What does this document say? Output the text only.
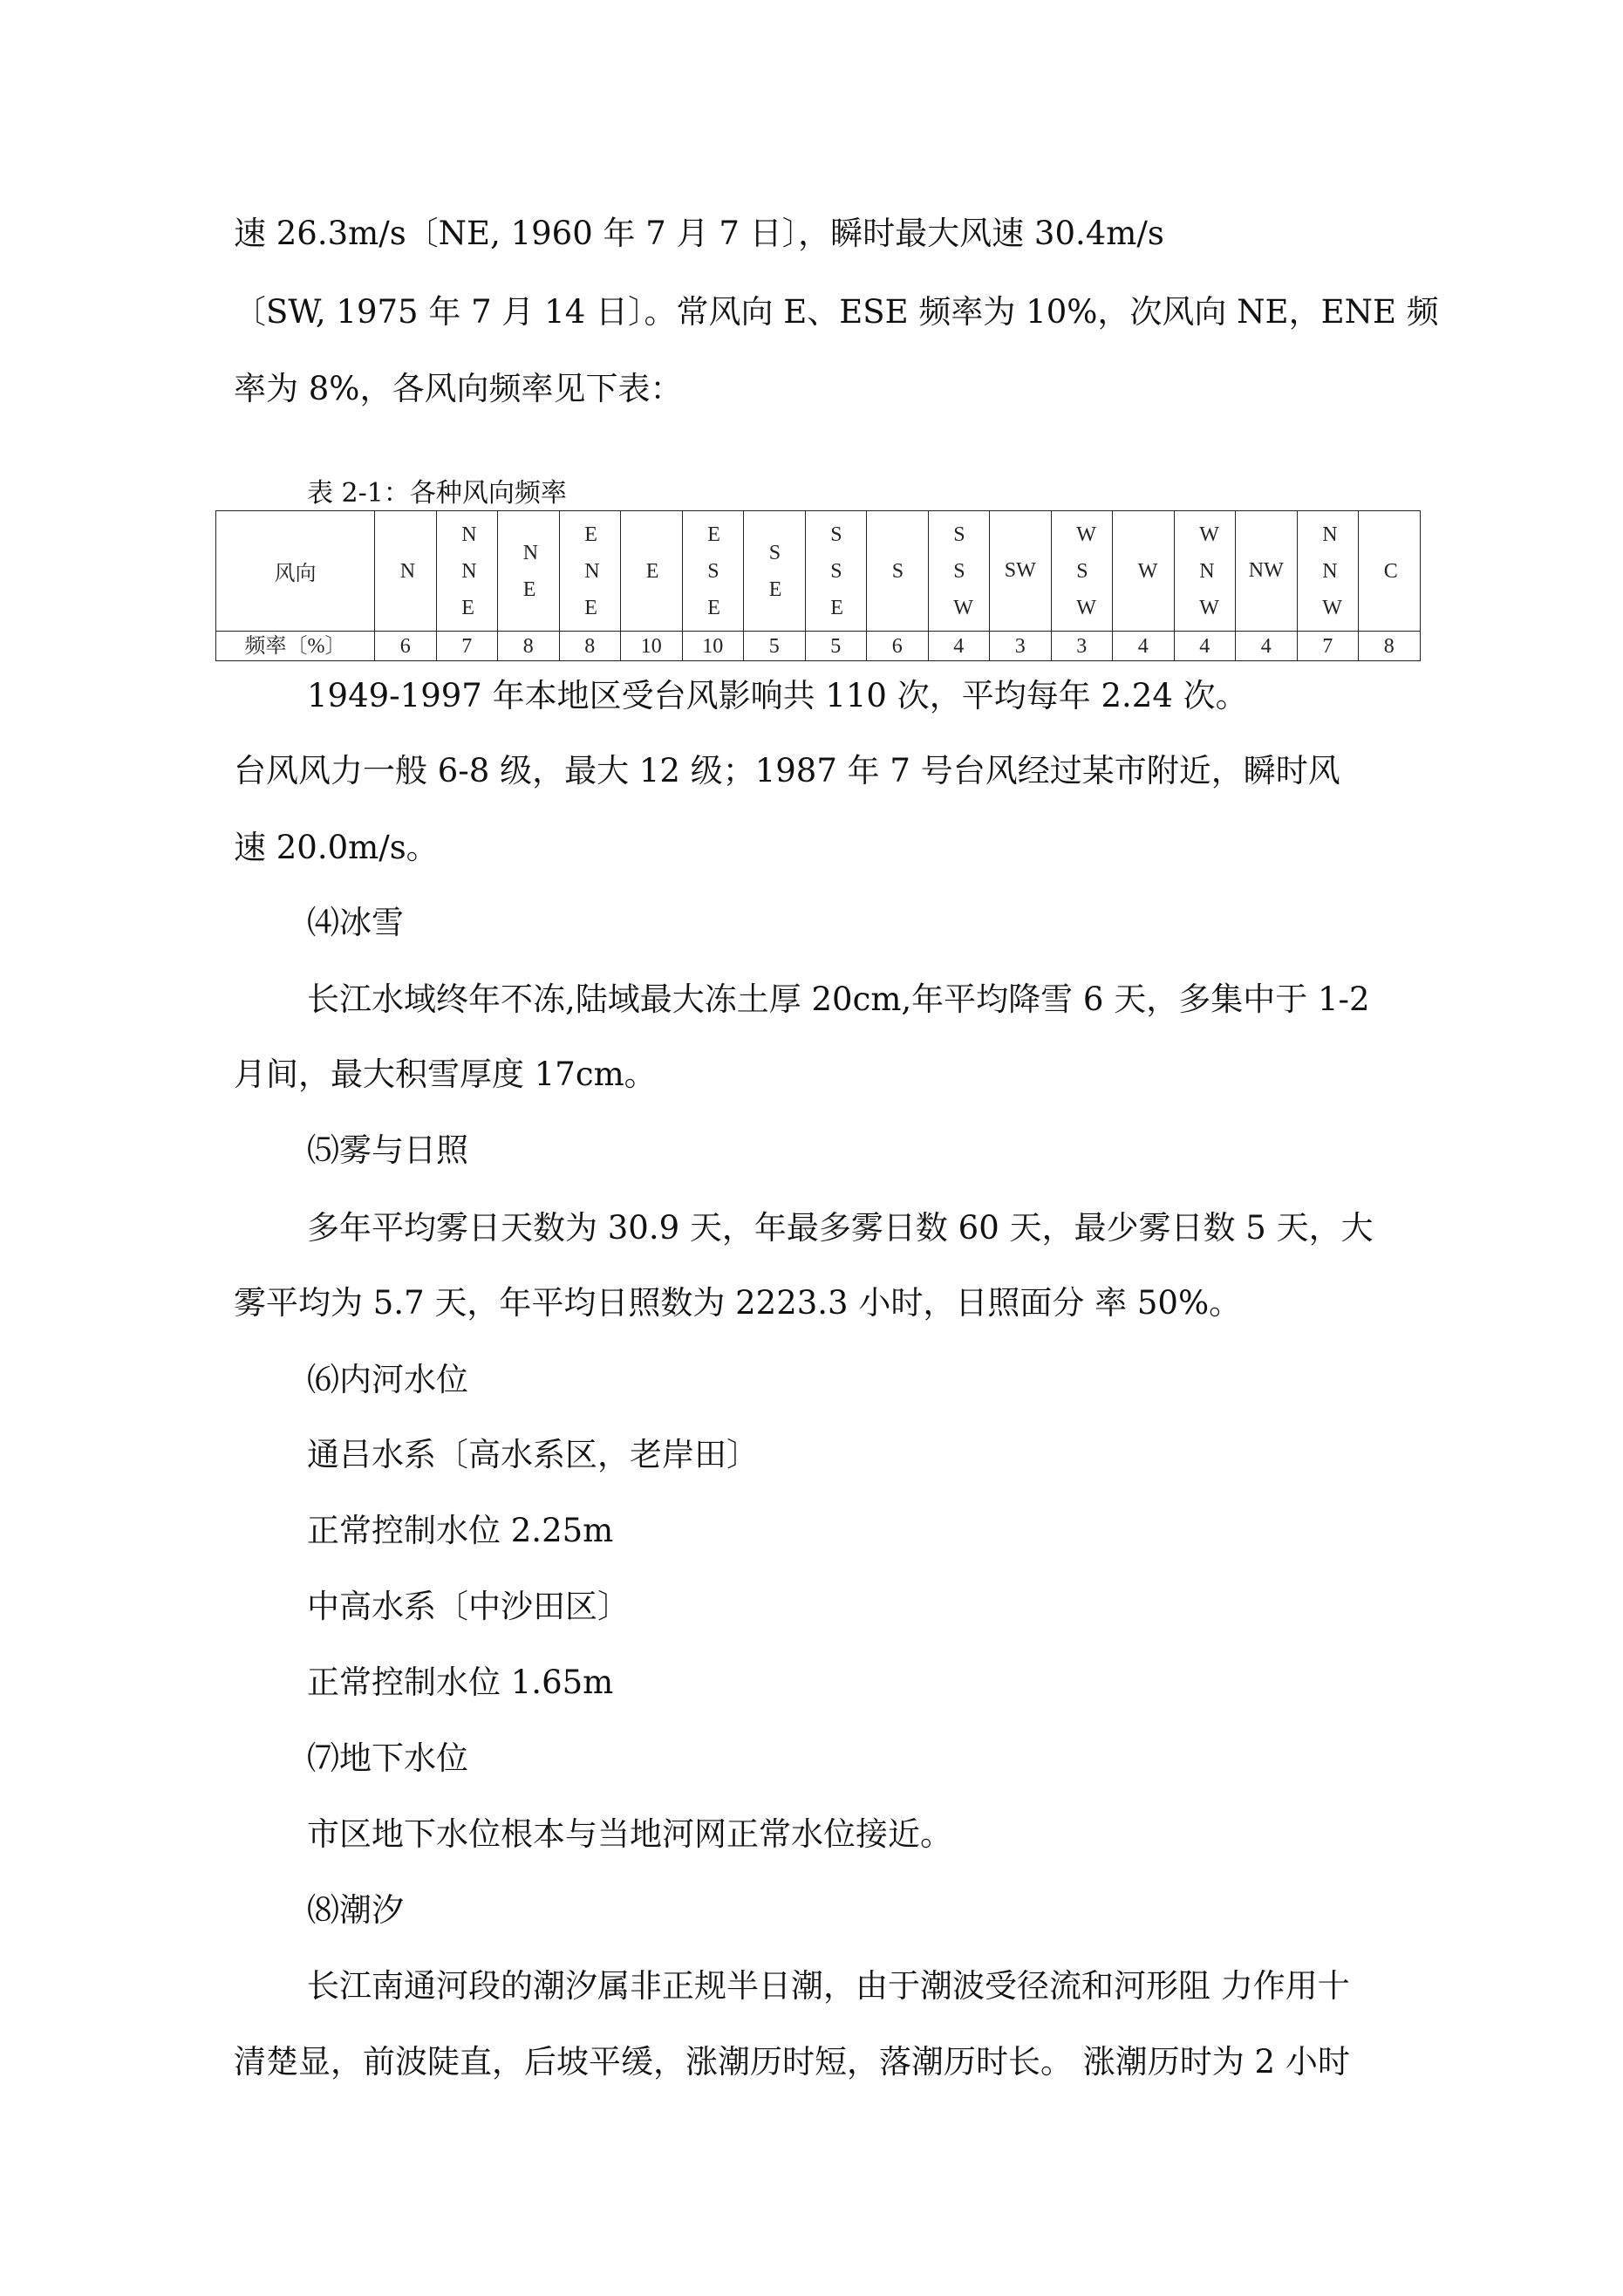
速 26.3m/s〔NE, 1960 年 7 月 7 日〕，瞬时最大风速 30.4m/s
〔SW, 1975 年 7 月 14 日〕。常风向 E、ESE 频率为 10%，次风向 NE，ENE 频
率为 8%，各风向频率见下表：
表 2-1：各种风向频率
风向	N	NNE	NE	ENE	E	ESE	SE	SSE	S	SSW	SW	WSW	W	WNW	NW	NNW	C
频率〔%〕	6	7	8	8	10	10	5	5	6	4	3	3	4	4	4	7	8
1949-1997 年本地区受台风影响共 110 次，平均每年 2.24 次。
台风风力一般 6-8 级，最大 12 级；1987 年 7 号台风经过某市附近，瞬时风
速 20.0m/s。
⑷冰雪
长江水域终年不冻,陆域最大冻土厚 20cm,年平均降雪 6 天，多集中于 1-2
月间，最大积雪厚度 17cm。
⑸雾与日照
多年平均雾日天数为 30.9 天，年最多雾日数 60 天，最少雾日数 5 天，大
雾平均为 5.7 天，年平均日照数为 2223.3 小时，日照面分 率 50%。
⑹内河水位
通吕水系〔高水系区，老岸田〕
正常控制水位 2.25m
中高水系〔中沙田区〕
正常控制水位 1.65m
⑺地下水位
市区地下水位根本与当地河网正常水位接近。
⑻潮汐
长江南通河段的潮汐属非正规半日潮，由于潮波受径流和河形阻 力作用十
清楚显，前波陡直，后坡平缓，涨潮历时短，落潮历时长。 涨潮历时为 2 小时
